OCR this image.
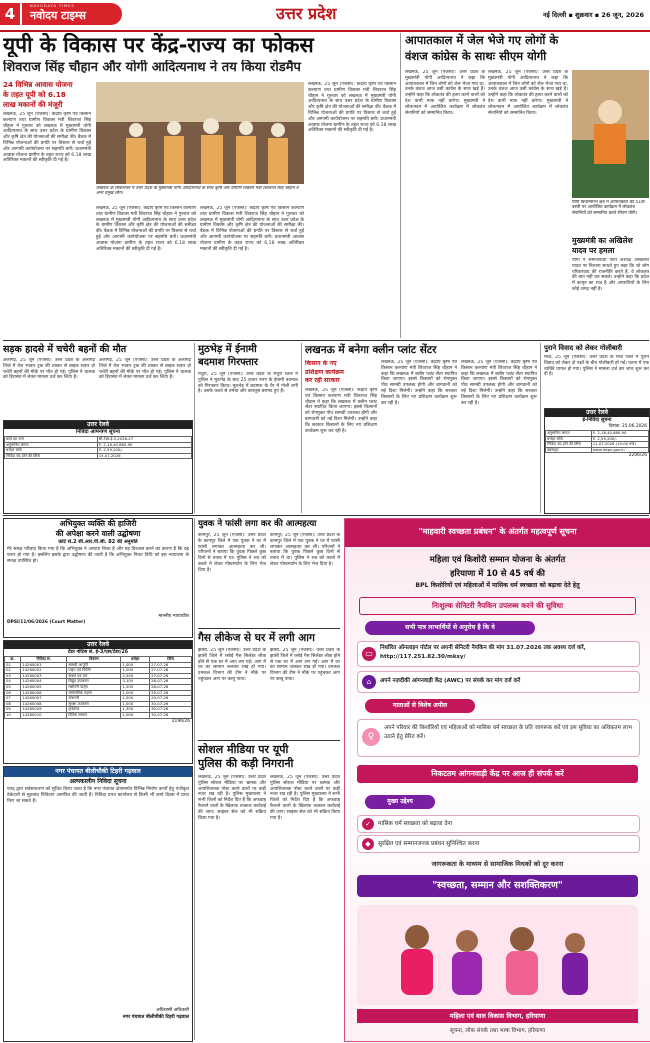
4	NAVODAYA TIMES
नवोदय टाइम्स	उत्तर प्रदेश	नई दिल्ली ▪ शुक्रवार ▪ 26 जून, 2026
यूपी के विकास पर केंद्र-राज्य का फोकस
शिवराज सिंह चौहान और योगी आदित्यनाथ ने तय किया रोडमैप
24 विभिन्न आवास योजना
के तहत यूपी को 6.18
लाख मकानों की मंजूरी
लखनऊ, 25 जून (एजेंसी): केंद्रीय कृषि एवं किसान कल्याण तथा ग्रामीण विकास मंत्री शिवराज सिंह चौहान ने गुरुवार को लखनऊ में मुख्यमंत्री योगी आदित्यनाथ के साथ उत्तर प्रदेश के ग्रामीण विकास और कृषि क्षेत्र की योजनाओं की समीक्षा की। बैठक में विभिन्न योजनाओं की प्रगति पर विस्तार से चर्चा हुई और आगामी कार्ययोजना पर सहमति बनी। प्रधानमंत्री आवास योजना ग्रामीण के तहत राज्य को 6.18 लाख अतिरिक्त मकानों की स्वीकृति दी गई है।
लखनऊ के लोकभवन में उत्तर प्रदेश के मुख्यमंत्री योगी आदित्यनाथ के साथ कृषि और ग्रामीण विकास मंत्री शिवराज सिंह चौहान व अन्य प्रमुख लोग।
लखनऊ, 25 जून (एजेंसी): केंद्रीय कृषि एवं किसान कल्याण तथा ग्रामीण विकास मंत्री शिवराज सिंह चौहान ने गुरुवार को लखनऊ में मुख्यमंत्री योगी आदित्यनाथ के साथ उत्तर प्रदेश के ग्रामीण विकास और कृषि क्षेत्र की योजनाओं की समीक्षा की। बैठक में विभिन्न योजनाओं की प्रगति पर विस्तार से चर्चा हुई और आगामी कार्ययोजना पर सहमति बनी। प्रधानमंत्री आवास योजना ग्रामीण के तहत राज्य को 6.18 लाख अतिरिक्त मकानों की स्वीकृति दी गई है।
लखनऊ, 25 जून (एजेंसी): केंद्रीय कृषि एवं किसान कल्याण तथा ग्रामीण विकास मंत्री शिवराज सिंह चौहान ने गुरुवार को लखनऊ में मुख्यमंत्री योगी आदित्यनाथ के साथ उत्तर प्रदेश के ग्रामीण विकास और कृषि क्षेत्र की योजनाओं की समीक्षा की। बैठक में विभिन्न योजनाओं की प्रगति पर विस्तार से चर्चा हुई और आगामी कार्ययोजना पर सहमति बनी। प्रधानमंत्री आवास योजना ग्रामीण के तहत राज्य को 6.18 लाख अतिरिक्त मकानों की स्वीकृति दी गई है।
लखनऊ, 25 जून (एजेंसी): केंद्रीय कृषि एवं किसान कल्याण तथा ग्रामीण विकास मंत्री शिवराज सिंह चौहान ने गुरुवार को लखनऊ में मुख्यमंत्री योगी आदित्यनाथ के साथ उत्तर प्रदेश के ग्रामीण विकास और कृषि क्षेत्र की योजनाओं की समीक्षा की। बैठक में विभिन्न योजनाओं की प्रगति पर विस्तार से चर्चा हुई और आगामी कार्ययोजना पर सहमति बनी। प्रधानमंत्री आवास योजना ग्रामीण के तहत राज्य को 6.18 लाख अतिरिक्त मकानों की स्वीकृति दी गई है।
आपातकाल में जेल भेजे गए लोगों के
वंशज कांग्रेस के साथः सीएम योगी
लखनऊ, 25 जून (एजेंसी): उत्तर प्रदेश के मुख्यमंत्री योगी आदित्यनाथ ने कहा कि आपातकाल में जिन लोगों को जेल भेजा गया था, उनके वंशज आज उसी कांग्रेस के साथ खड़े हैं। उन्होंने कहा कि लोकतंत्र की हत्या करने वालों को देश कभी माफ नहीं करेगा। मुख्यमंत्री ने लोकभवन में आयोजित कार्यक्रम में लोकतंत्र सेनानियों को सम्मानित किया।
लखनऊ, 25 जून (एजेंसी): उत्तर प्रदेश के मुख्यमंत्री योगी आदित्यनाथ ने कहा कि आपातकाल में जिन लोगों को जेल भेजा गया था, उनके वंशज आज उसी कांग्रेस के साथ खड़े हैं। उन्होंने कहा कि लोकतंत्र की हत्या करने वालों को देश कभी माफ नहीं करेगा। मुख्यमंत्री ने लोकभवन में आयोजित कार्यक्रम में लोकतंत्र सेनानियों को सम्मानित किया।
योगी विधानसभा क्षेत्र में आपातकाल की 51वीं बरसी पर आयोजित कार्यक्रम में लोकतंत्र सेनानियों को सम्मानित करते सीएम योगी।
मुख्यमंत्री का अखिलेश
यादव पर हमला
योगी ने समाजवादी पार्टी अध्यक्ष अखिलेश यादव पर निशाना साधते हुए कहा कि जो लोग परिवारवाद की राजनीति करते हैं, वे लोकतंत्र की बात नहीं कर सकते। उन्होंने कहा कि प्रदेश में कानून का राज है और अपराधियों के लिए कोई जगह नहीं है।
सड़क हादसे में चचेरी बहनों की मौत
अलीगढ़, 25 जून (एजेंसी): उत्तर प्रदेश के अलीगढ़ जिले में तेज रफ्तार ट्रक की टक्कर से बाइक सवार दो चचेरी बहनों की मौके पर मौत हो गई। पुलिस ने चालक को हिरासत में लेकर मामला दर्ज कर लिया है।
अलीगढ़, 25 जून (एजेंसी): उत्तर प्रदेश के अलीगढ़ जिले में तेज रफ्तार ट्रक की टक्कर से बाइक सवार दो चचेरी बहनों की मौके पर मौत हो गई। पुलिस ने चालक को हिरासत में लेकर मामला दर्ज कर लिया है।
उत्तर रेलवे
निविदा आमन्त्रण सूचना
कार्य का नाम	सी-टेंडर-ई-ए-2026-27
अनुमानित लागत	रु. 2,18,40,680.90
धरोहर राशि	रु. 2,59,200/-
निविदा बंद होने की तिथि	15.07.2026
मुठभेड़ में ईनामी
बदमाश गिरफ्तार
मथुरा, 25 जून (एजेंसी): उत्तर प्रदेश के मथुरा जिले में पुलिस ने मुठभेड़ के बाद 25 हजार रुपए के ईनामी बदमाश को गिरफ्तार किया। मुठभेड़ में बदमाश के पैर में गोली लगी है। उसके कब्जे से तमंचा और कारतूस बरामद हुए हैं।
लखनऊ में बनेगा क्लीन प्लांट सेंटर
किसान के नए
प्रशिक्षण कार्यक्रम
कर रही सरकार
लखनऊ, 25 जून (एजेंसी): केंद्रीय कृषि एवं किसान कल्याण मंत्री शिवराज सिंह चौहान ने कहा कि लखनऊ में क्लीन प्लांट सेंटर स्थापित किया जाएगा। इससे किसानों को रोगमुक्त पौध सामग्री उपलब्ध होगी और बागवानी को नई दिशा मिलेगी। उन्होंने कहा कि सरकार किसानों के लिए नए प्रशिक्षण कार्यक्रम शुरू कर रही है।
लखनऊ, 25 जून (एजेंसी): केंद्रीय कृषि एवं किसान कल्याण मंत्री शिवराज सिंह चौहान ने कहा कि लखनऊ में क्लीन प्लांट सेंटर स्थापित किया जाएगा। इससे किसानों को रोगमुक्त पौध सामग्री उपलब्ध होगी और बागवानी को नई दिशा मिलेगी। उन्होंने कहा कि सरकार किसानों के लिए नए प्रशिक्षण कार्यक्रम शुरू कर रही है।
लखनऊ, 25 जून (एजेंसी): केंद्रीय कृषि एवं किसान कल्याण मंत्री शिवराज सिंह चौहान ने कहा कि लखनऊ में क्लीन प्लांट सेंटर स्थापित किया जाएगा। इससे किसानों को रोगमुक्त पौध सामग्री उपलब्ध होगी और बागवानी को नई दिशा मिलेगी। उन्होंने कहा कि सरकार किसानों के लिए नए प्रशिक्षण कार्यक्रम शुरू कर रही है।
पुराने विवाद को लेकर गोलीबारी
मेरठ, 25 जून (एजेंसी): उत्तर प्रदेश के मेरठ जिले में पुराने विवाद को लेकर दो पक्षों के बीच गोलीबारी हो गई। घटना में एक व्यक्ति घायल हो गया। पुलिस ने मामला दर्ज कर जांच शुरू कर दी है।
उत्तर रेलवे
ई-निविदा सूचना
दिनांक: 25.06.2026
अनुमानित लागत	रु. 2,18,40,680.90
धरोहर राशि	रु. 2,59,200/-
निविदा बंद होने की तिथि	11.07.2026 (15:00 बजे)
वेबसाइट	www.ireps.gov.in
2206/26
अभियुक्त व्यक्ति की हाजिरी
की अपेक्षा करने वाली उद्घोषणा
कोर्ट सं.2 सी.आर.पी.सी. 82 की अनुमति
मेरे समक्ष परिवाद किया गया है कि अभियुक्त ने अपराध किया है और यह विश्वास करने का कारण है कि वह फरार हो गया है। इसलिए इसके द्वारा उद्घोषणा की जाती है कि अभियुक्त नियत तिथि को इस न्यायालय के समक्ष उपस्थित हो।
माननीय न्यायाधीश
DPSI/11/06/2026 (Court Matter)
उत्तर रेलवे
टेंडर नोटिस सं. ई-3/एस/टेंडर/26
क्र.	निविदा सं.	विवरण	धरोहर	तिथि
01	14260001	सामग्री आपूर्ति	1,000	27-07-26
02	14260002	पाइप एवं फिटिंग	1,000	27-07-26
03	14260003	केबल एवं तार	2,500	27-07-26
04	14260004	विद्युत उपकरण	3,100	28-07-26
05	14260005	मशीनरी पार्ट्स	1,200	28-07-26
06	14260006	रासायनिक पदार्थ	1,000	29-07-26
07	14260007	स्टेशनरी	1,500	29-07-26
08	14260008	सुरक्षा उपकरण	1,000	30-07-26
09	14260009	हार्डवेयर	1,300	30-07-26
10	14260010	विविध सामान	1,000	30-07-26
2196/26
नगर पंचायत बीलीचौकी टिहरी गढ़वाल
अल्पकालीन निविदा सूचना
एतद् द्वारा सर्वसाधारण को सूचित किया जाता है कि नगर पंचायत क्षेत्रान्तर्गत विभिन्न निर्माण कार्यों हेतु पंजीकृत ठेकेदारों से मुहरबंद निविदाएं आमंत्रित की जाती हैं। निविदा प्रपत्र कार्यालय से किसी भी कार्य दिवस में प्राप्त किए जा सकते हैं।
अधिशासी अधिकारी
नगर पंचायत बीलीचौकी टिहरी गढ़वाल
युवक ने फांसी लगा कर की आत्महत्या
कानपुर, 25 जून (एजेंसी): उत्तर प्रदेश के कानपुर जिले में एक युवक ने घर में फांसी लगाकर आत्महत्या कर ली। परिजनों ने बताया कि युवक पिछले कुछ दिनों से तनाव में था। पुलिस ने शव को कब्जे में लेकर पोस्टमार्टम के लिए भेज दिया है।
कानपुर, 25 जून (एजेंसी): उत्तर प्रदेश के कानपुर जिले में एक युवक ने घर में फांसी लगाकर आत्महत्या कर ली। परिजनों ने बताया कि युवक पिछले कुछ दिनों से तनाव में था। पुलिस ने शव को कब्जे में लेकर पोस्टमार्टम के लिए भेज दिया है।
गैस लीकेज से घर में लगी आग
झांसी, 25 जून (एजेंसी): उत्तर प्रदेश के झांसी जिले में रसोई गैस सिलेंडर लीक होने से एक घर में आग लग गई। आग में घर का सामान जलकर राख हो गया। दमकल विभाग की टीम ने मौके पर पहुंचकर आग पर काबू पाया।
झांसी, 25 जून (एजेंसी): उत्तर प्रदेश के झांसी जिले में रसोई गैस सिलेंडर लीक होने से एक घर में आग लग गई। आग में घर का सामान जलकर राख हो गया। दमकल विभाग की टीम ने मौके पर पहुंचकर आग पर काबू पाया।
सोशल मीडिया पर यूपी
पुलिस की कड़ी निगरानी
लखनऊ, 25 जून (एजेंसी): उत्तर प्रदेश पुलिस सोशल मीडिया पर भ्रामक और आपत्तिजनक पोस्ट करने वालों पर कड़ी नजर रख रही है। पुलिस मुख्यालय ने सभी जिलों को निर्देश दिए हैं कि अफवाह फैलाने वालों के खिलाफ तत्काल कार्रवाई की जाए। साइबर सेल को भी सक्रिय किया गया है।
लखनऊ, 25 जून (एजेंसी): उत्तर प्रदेश पुलिस सोशल मीडिया पर भ्रामक और आपत्तिजनक पोस्ट करने वालों पर कड़ी नजर रख रही है। पुलिस मुख्यालय ने सभी जिलों को निर्देश दिए हैं कि अफवाह फैलाने वालों के खिलाफ तत्काल कार्रवाई की जाए। साइबर सेल को भी सक्रिय किया गया है।
"माहवारी स्वच्छता प्रबंधन" के अंतर्गत महत्वपूर्ण सूचना
महिला एवं किशोरी सम्मान योजना के अंतर्गत
हरियाणा में 10 से 45 वर्ष की
BPL किशोरियों एवं महिलाओं में मासिक धर्म स्वच्छता को बढ़ावा देते हेतु
निःशुल्क सेनिटरी नैपकिन उपलब्ध करने की सुविधा
सभी पात्र लाभार्थियों से अनुरोध है कि वे
▭
निर्धारित ऑनलाइन पोर्टल पर अपनी सेनिटरी नैपकिन की मांग 31.07.2026 तक अवश्य दर्ज करें, http://117.251.82.30/mksy/
⌂	अपने नज़दीकी आंगनवाड़ी केंद्र (AWC) पर संपर्क कर मांग दर्ज करें
माताओं से विशेष अपील
♀
अपने परिवार की किशोरियों एवं महिलाओं को मासिक धर्म स्वच्छता के प्रति जागरूक करें एवं इस सुविधा का अधिकतम लाभ उठाने हेतु प्रेरित करें।
निकटतम आंगनवाड़ी केंद्र पर आज ही संपर्क करें
मुख्य उद्देश्य
✓	मासिक धर्म स्वच्छता को बढ़ावा देना
◆	सुरक्षित एवं सम्मानजनक प्रबंधन सुनिश्चित करना
जागरूकता के माध्यम से सामाजिक मिथकों को दूर करना
"स्वच्छता, सम्मान और सशक्तिकरण"
महिला एवं बाल विकास विभाग, हरियाणा
सूचना, लोक संपर्क तथा भाषा विभाग, हरियाणा
